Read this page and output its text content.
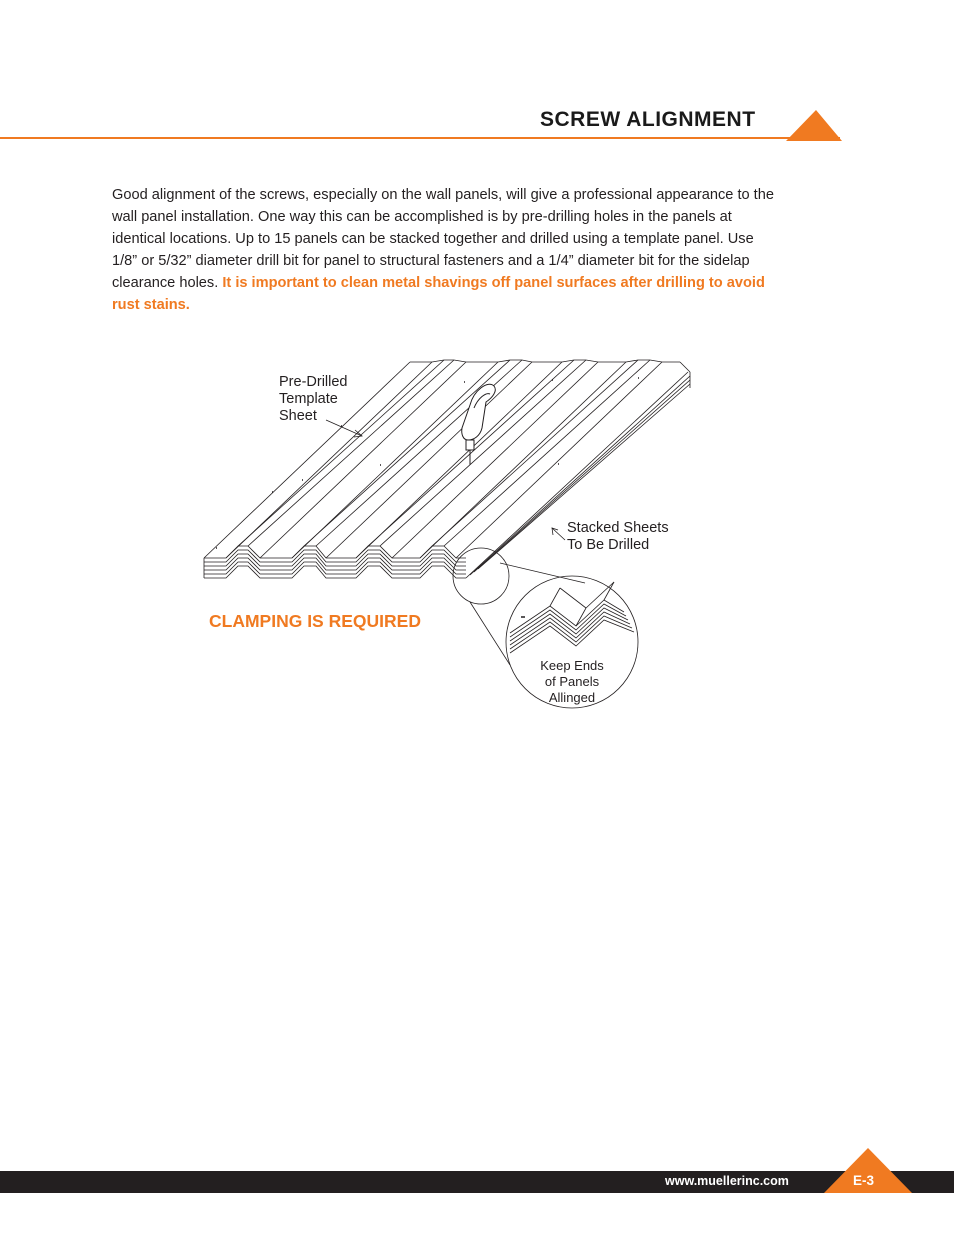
SCREW ALIGNMENT
Good alignment of the screws, especially on the wall panels, will give a professional appearance to the wall panel installation. One way this can be accomplished is by pre-drilling holes in the panels at identical locations. Up to 15 panels can be stacked together and drilled using a template panel. Use 1/8” or 5/32” diameter drill bit for panel to structural fasteners and a 1/4” diameter bit for the sidelap clearance holes. It is important to clean metal shavings off panel surfaces after drilling to avoid rust stains.
Pre-Drilled
Template
Sheet
Stacked Sheets
To Be Drilled
Keep Ends
of Panels
Allinged
CLAMPING IS REQUIRED
www.muellerinc.com	E-3
